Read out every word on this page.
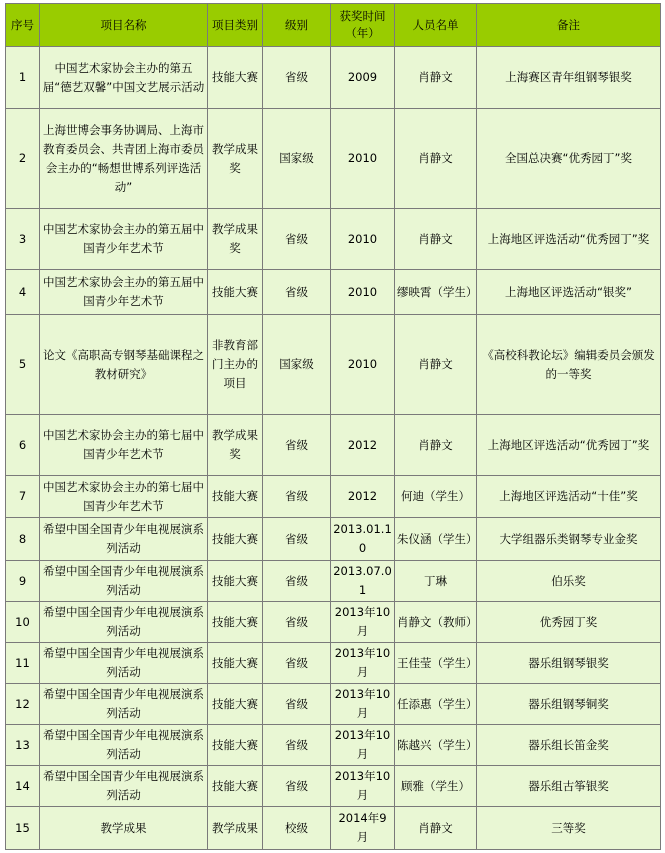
序号	项目名称	项目类别	级别	获奖时间（年）	人员名单	备注
1	中国艺术家协会主办的第五届“德艺双馨”中国文艺展示活动	技能大赛	省级	2009	肖静文	上海赛区青年组钢琴银奖
2	上海世博会事务协调局、上海市教育委员会、共青团上海市委员会主办的“畅想世博系列评选活动”	教学成果奖	国家级	2010	肖静文	全国总决赛“优秀园丁”奖
3	中国艺术家协会主办的第五届中国青少年艺术节	教学成果奖	省级	2010	肖静文	上海地区评选活动“优秀园丁”奖
4	中国艺术家协会主办的第五届中国青少年艺术节	技能大赛	省级	2010	缪映霄（学生）	上海地区评选活动“银奖”
5	论文《高职高专钢琴基础课程之教材研究》	非教育部门主办的项目	国家级	2010	肖静文	《高校科教论坛》编辑委员会颁发的一等奖
6	中国艺术家协会主办的第七届中国青少年艺术节	教学成果奖	省级	2012	肖静文	上海地区评选活动“优秀园丁”奖
7	中国艺术家协会主办的第七届中国青少年艺术节	技能大赛	省级	2012	何迪（学生）	上海地区评选活动“十佳”奖
8	希望中国全国青少年电视展演系列活动	技能大赛	省级	2013.01.10	朱仪涵（学生）	大学组器乐类钢琴专业金奖
9	希望中国全国青少年电视展演系列活动	技能大赛	省级	2013.07.01	丁琳	伯乐奖
10	希望中国全国青少年电视展演系列活动	技能大赛	省级	2013年10月	肖静文（教师）	优秀园丁奖
11	希望中国全国青少年电视展演系列活动	技能大赛	省级	2013年10月	王佳莹（学生）	器乐组钢琴银奖
12	希望中国全国青少年电视展演系列活动	技能大赛	省级	2013年10月	任添惠（学生）	器乐组钢琴铜奖
13	希望中国全国青少年电视展演系列活动	技能大赛	省级	2013年10月	陈越兴（学生）	器乐组长笛金奖
14	希望中国全国青少年电视展演系列活动	技能大赛	省级	2013年10月	顾雅（学生）	器乐组古筝银奖
15	教学成果	教学成果	校级	2014年9月	肖静文	三等奖
